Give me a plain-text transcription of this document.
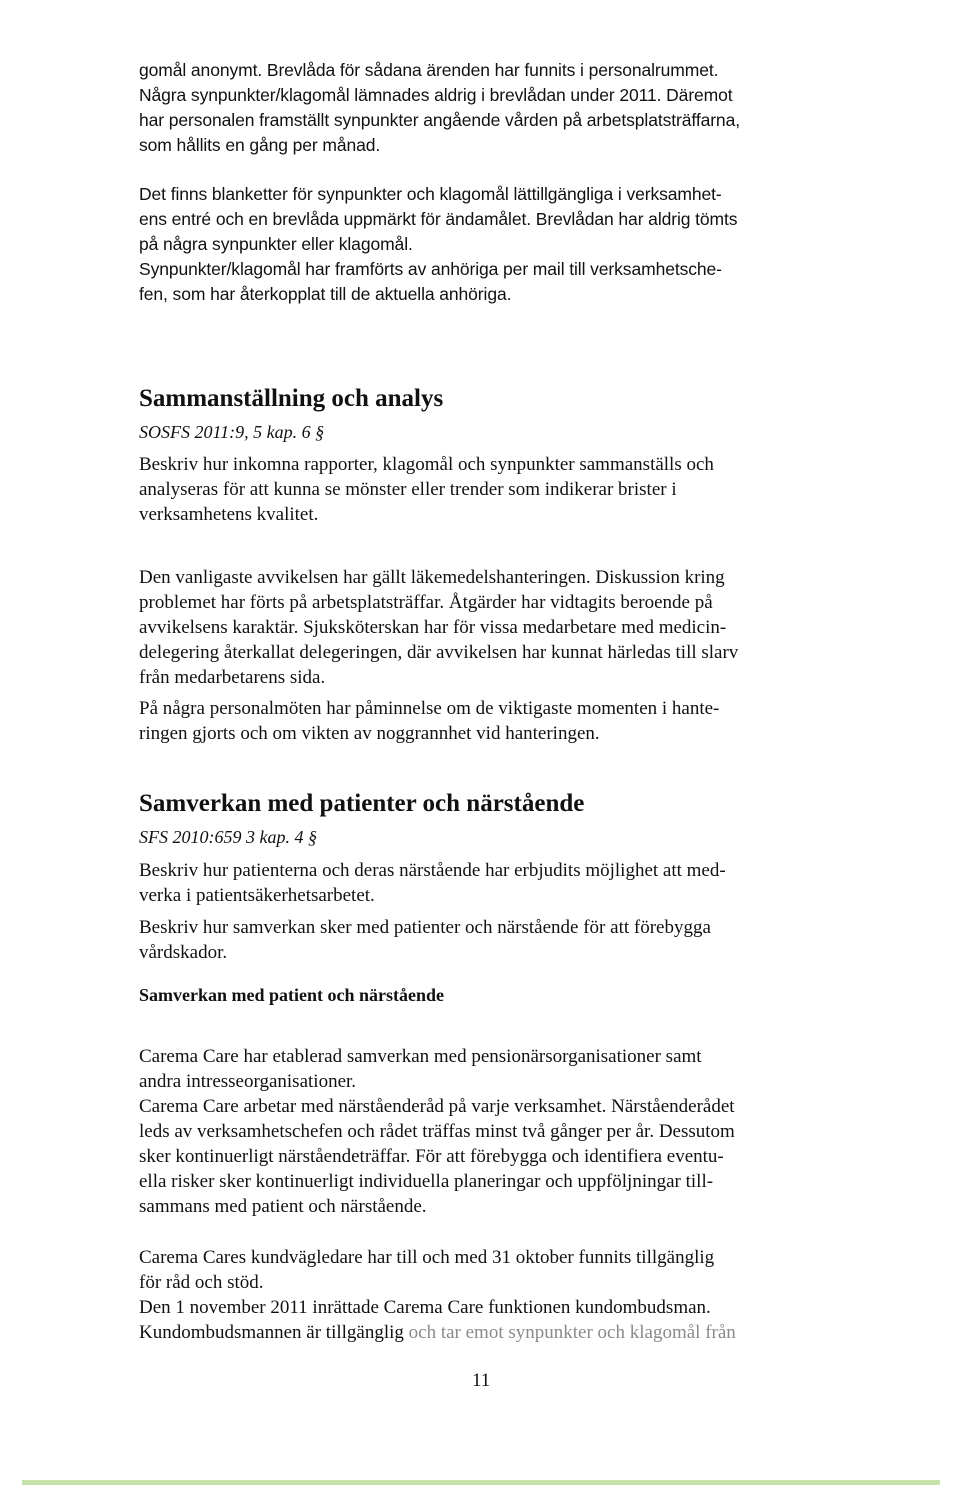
gomål anonymt. Brevlåda för sådana ärenden har funnits i personalrummet.
Några synpunkter/klagomål lämnades aldrig i brevlådan under 2011. Däremot
har personalen framställt synpunkter angående vården på arbetsplatsträffarna,
som hållits en gång per månad.

Det finns blanketter för synpunkter och klagomål lättillgängliga i verksamhet-
ens entré och en brevlåda uppmärkt för ändamålet. Brevlådan har aldrig tömts
på några synpunkter eller klagomål.
Synpunkter/klagomål har framförts av anhöriga per mail till verksamhetsche-
fen, som har återkopplat till de aktuella anhöriga.

Sammanställning och analys
SOSFS 2011:9, 5 kap. 6 §

Beskriv hur inkomna rapporter, klagomål och synpunkter sammanställs och
analyseras för att kunna se mönster eller trender som indikerar brister i
verksamhetens kvalitet.

Den vanligaste avvikelsen har gällt läkemedelshanteringen. Diskussion kring
problemet har förts på arbetsplatsträffar. Åtgärder har vidtagits beroende på
avvikelsens karaktär. Sjuksköterskan har för vissa medarbetare med medicin-
delegering återkallat delegeringen, där avvikelsen har kunnat härledas till slarv
från medarbetarens sida.

På några personalmöten har påminnelse om de viktigaste momenten i hante-
ringen gjorts och om vikten av noggrannhet vid hanteringen.

Samverkan med patienter och närstående
SFS 2010:659 3 kap. 4 §

Beskriv hur patienterna och deras närstående har erbjudits möjlighet att med-
verka i patientsäkerhetsarbetet.

Beskriv hur samverkan sker med patienter och närstående för att förebygga
vårdskador.

Samverkan med patient och närstående

Carema Care har etablerad samverkan med pensionärsorganisationer samt
andra intresseorganisationer.
Carema Care arbetar med närståenderåd på varje verksamhet. Närståenderådet
leds av verksamhetschefen och rådet träffas minst två gånger per år. Dessutom
sker kontinuerligt närståendeträffar. För att förebygga och identifiera eventu-
ella risker sker kontinuerligt individuella planeringar och uppföljningar till-
sammans med patient och närstående.

Carema Cares kundvägledare har till och med 31 oktober funnits tillgänglig
för råd och stöd.
Den 1 november 2011 inrättade Carema Care funktionen kundombudsman.
Kundombudsmannen är tillgänglig och tar emot synpunkter och klagomål från

11
